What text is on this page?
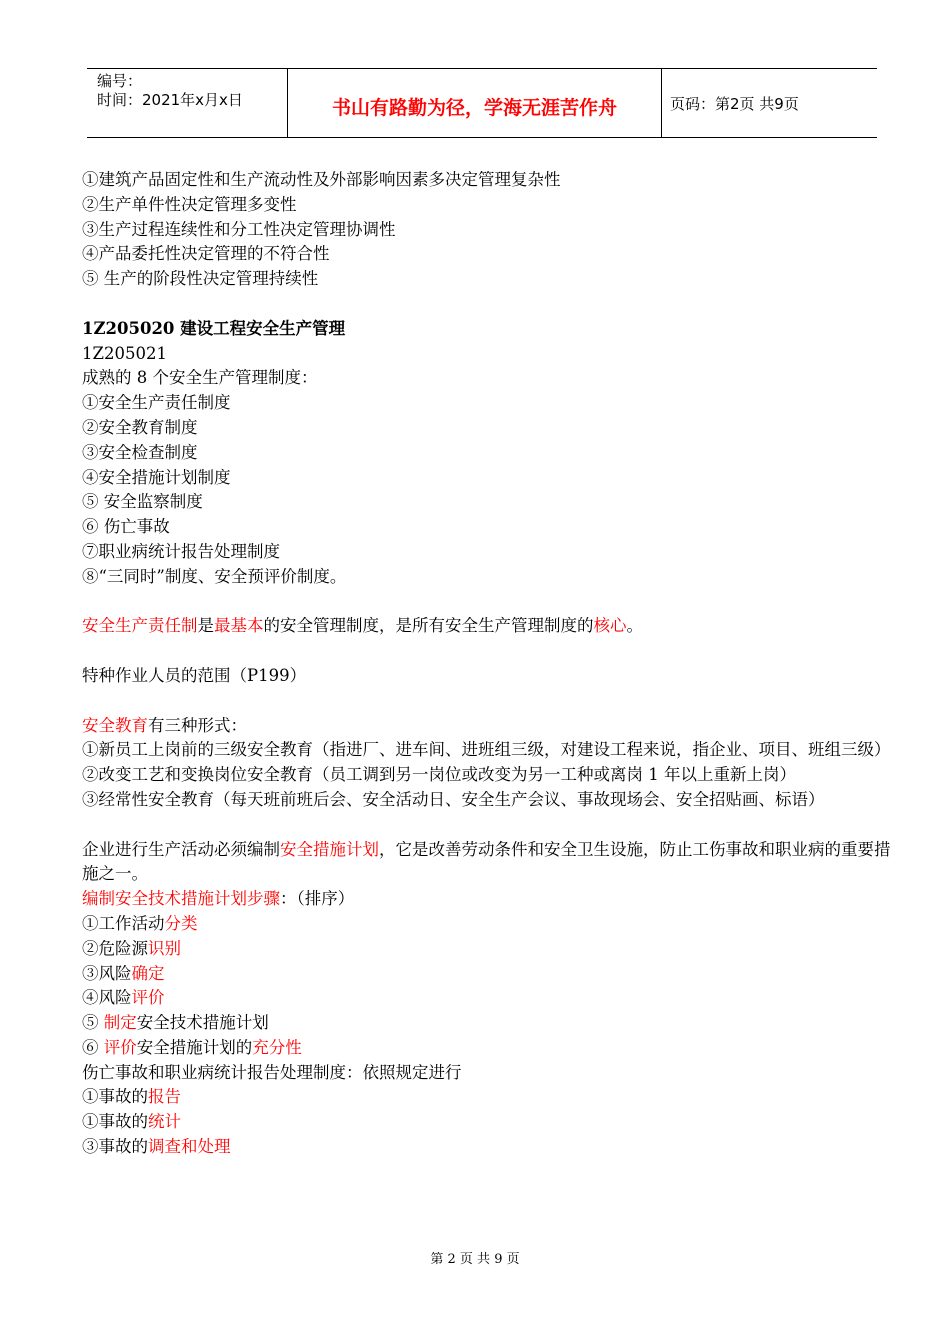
编号：
时间：2021年x月x日	书山有路勤为径，学海无涯苦作舟	页码：第2页 共9页
①建筑产品固定性和生产流动性及外部影响因素多决定管理复杂性
②生产单件性决定管理多变性
③生产过程连续性和分工性决定管理协调性
④产品委托性决定管理的不符合性
⑤ 生产的阶段性决定管理持续性
1Z205020 建设工程安全生产管理
1Z205021
成熟的 8 个安全生产管理制度：
①安全生产责任制度
②安全教育制度
③安全检查制度
④安全措施计划制度
⑤ 安全监察制度
⑥ 伤亡事故
⑦职业病统计报告处理制度
⑧“三同时”制度、安全预评价制度。
安全生产责任制是最基本的安全管理制度，是所有安全生产管理制度的核心。
特种作业人员的范围（P199）
安全教育有三种形式：
①新员工上岗前的三级安全教育（指进厂、进车间、进班组三级，对建设工程来说，指企业、项目、班组三级）
②改变工艺和变换岗位安全教育（员工调到另一岗位或改变为另一工种或离岗 1 年以上重新上岗）
③经常性安全教育（每天班前班后会、安全活动日、安全生产会议、事故现场会、安全招贴画、标语）
企业进行生产活动必须编制安全措施计划，它是改善劳动条件和安全卫生设施，防止工伤事故和职业病的重要措施之一。
编制安全技术措施计划步骤：（排序）
①工作活动分类
②危险源识别
③风险确定
④风险评价
⑤ 制定安全技术措施计划
⑥ 评价安全措施计划的充分性
伤亡事故和职业病统计报告处理制度：依照规定进行
①事故的报告
①事故的统计
③事故的调查和处理
第 2 页 共 9 页
